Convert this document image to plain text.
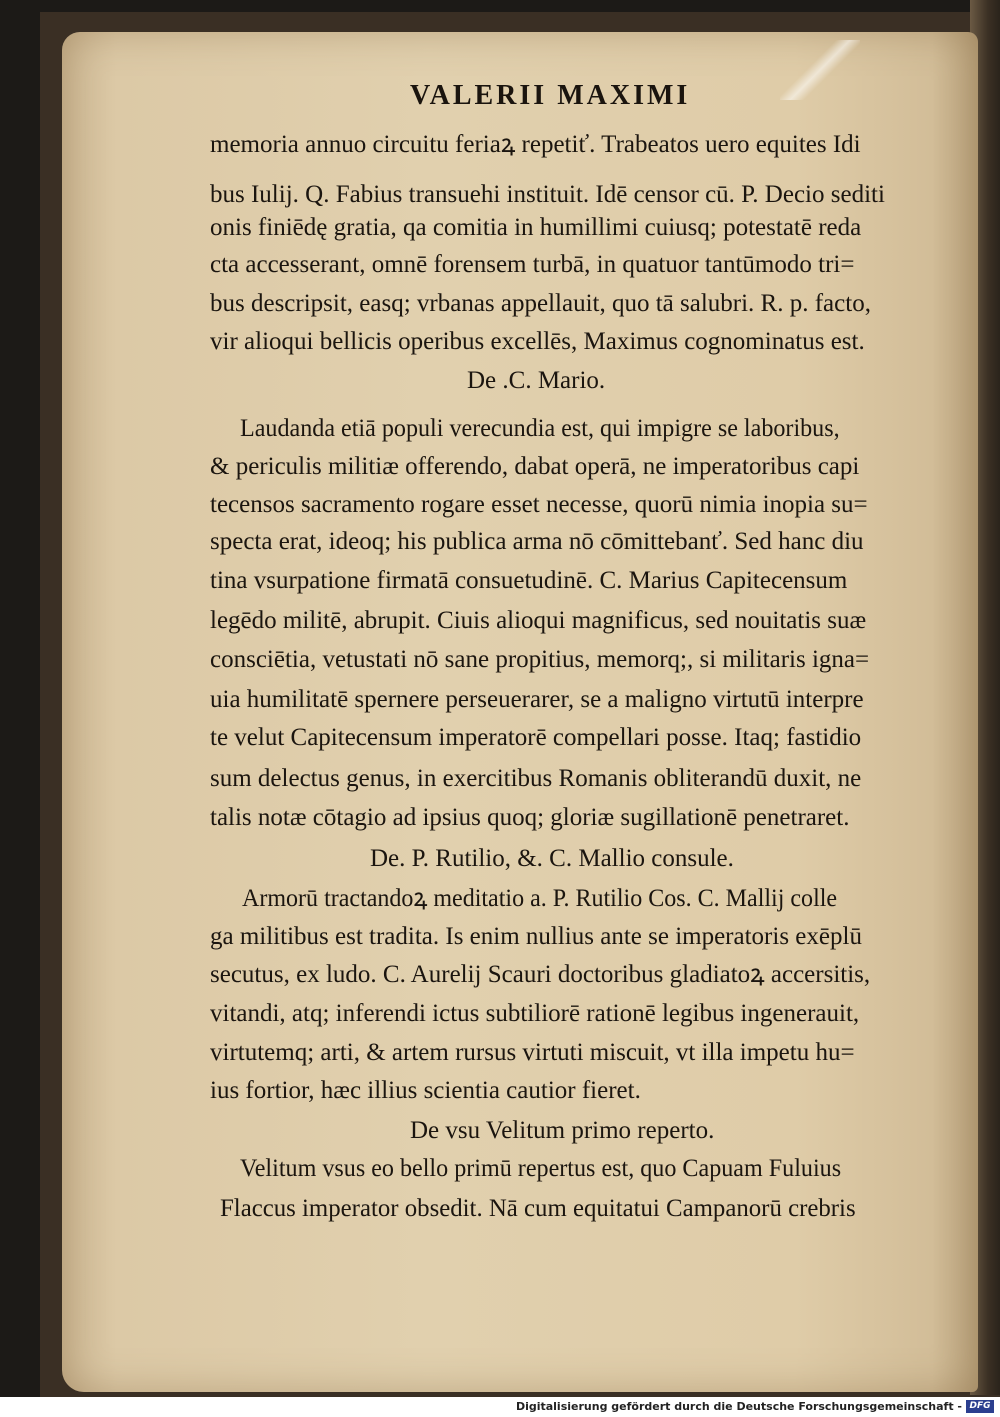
VALERII MAXIMI
memoria annuo circuitu feriaꝝ repetiť. Trabeatos uero equites Idi
bus Iulij. Q. Fabius transuehi instituit. Idē censor cū. P. Decio sediti
onis finiēdę gratia, qa comitia in humillimi cuiusq; potestatē reda
cta accesserant, omnē forensem turbā, in quatuor tantūmodo tri=
bus descripsit, easq; vrbanas appellauit, quo tā salubri. R. p. facto,
vir alioqui bellicis operibus excellēs, Maximus cognominatus est.
De .C. Mario.
Laudanda etiā populi verecundia est, qui impigre se laboribus,
& periculis militiæ offerendo, dabat operā, ne imperatoribus capi
tecensos sacramento rogare esset necesse, quorū nimia inopia su=
specta erat, ideoq; his publica arma nō cōmittebanť. Sed hanc diu
tina vsurpatione firmatā consuetudinē. C. Marius Capitecensum
legēdo militē, abrupit. Ciuis alioqui magnificus, sed nouitatis suæ
consciētia, vetustati nō sane propitius, memorq;, si militaris igna=
uia humilitatē spernere perseuerarer, se a maligno virtutū interpre
te velut Capitecensum imperatorē compellari posse. Itaq; fastidio
sum delectus genus, in exercitibus Romanis obliterandū duxit, ne
talis notæ cōtagio ad ipsius quoq; gloriæ sugillationē penetraret.
De. P. Rutilio, &. C. Mallio consule.
Armorū tractandoꝝ meditatio a. P. Rutilio Cos. C. Mallij colle
ga militibus est tradita. Is enim nullius ante se imperatoris exēplū
secutus, ex ludo. C. Aurelij Scauri doctoribus gladiatoꝝ accersitis,
vitandi, atq; inferendi ictus subtiliorē rationē legibus ingenerauit,
virtutemq; arti, & artem rursus virtuti miscuit, vt illa impetu hu=
ius fortior, hæc illius scientia cautior fieret.
De vsu Velitum primo reperto.
Velitum vsus eo bello primū repertus est, quo Capuam Fuluius
Flaccus imperator obsedit. Nā cum equitatui Campanorū crebris
Digitalisierung gefördert durch die Deutsche Forschungsgemeinschaft - DFG
